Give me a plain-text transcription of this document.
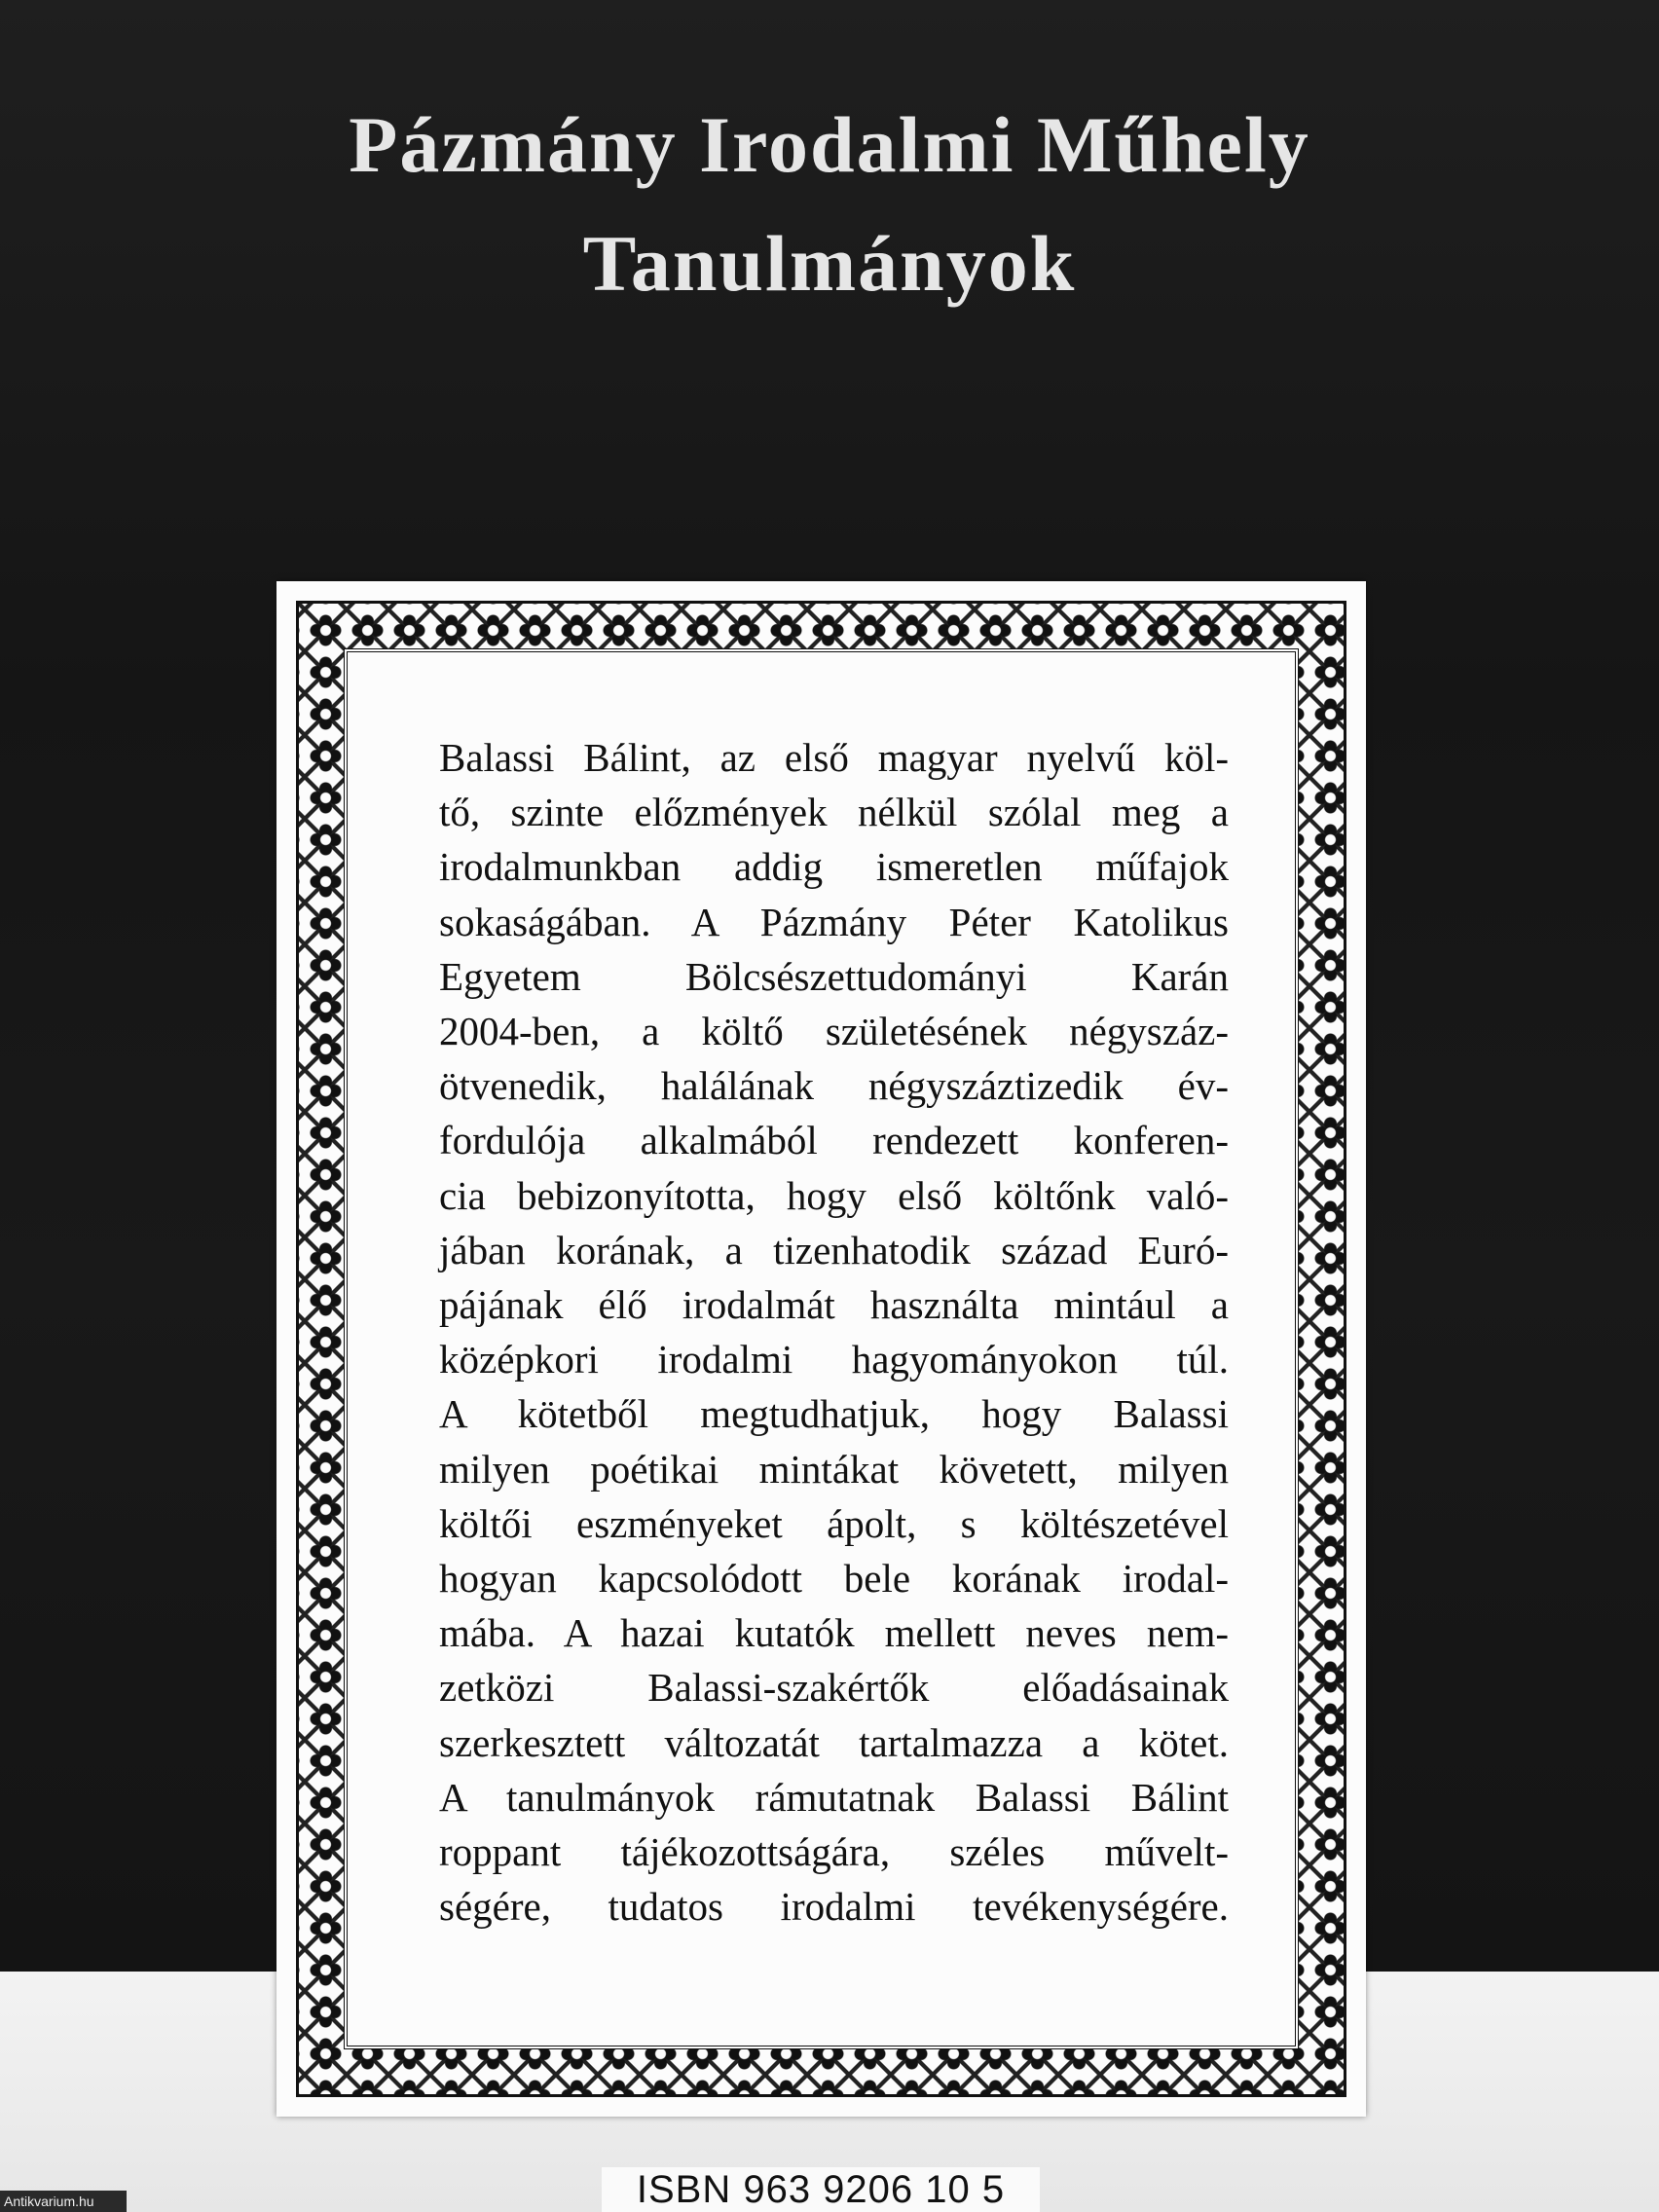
Pázmány Irodalmi Műhely
Tanulmányok
Balassi Bálint, az első magyar nyelvű köl-
tő, szinte előzmények nélkül szólal meg a
irodalmunkban addig ismeretlen műfajok
sokaságában. A Pázmány Péter Katolikus
Egyetem Bölcsészettudományi Karán
2004-ben, a költő születésének négyszáz-
ötvenedik, halálának négyszáztizedik év-
fordulója alkalmából rendezett konferen-
cia bebizonyította, hogy első költőnk való-
jában korának, a tizenhatodik század Euró-
pájának élő irodalmát használta mintául a
középkori irodalmi hagyományokon túl.
A kötetből megtudhatjuk, hogy Balassi
milyen poétikai mintákat követett, milyen
költői eszményeket ápolt, s költészetével
hogyan kapcsolódott bele korának irodal-
mába. A hazai kutatók mellett neves nem-
zetközi Balassi-szakértők előadásainak
szerkesztett változatát tartalmazza a kötet.
A tanulmányok rámutatnak Balassi Bálint
roppant tájékozottságára, széles művelt-
ségére, tudatos irodalmi tevékenységére.
ISBN 963 9206 10 5
Antikvarium.hu
